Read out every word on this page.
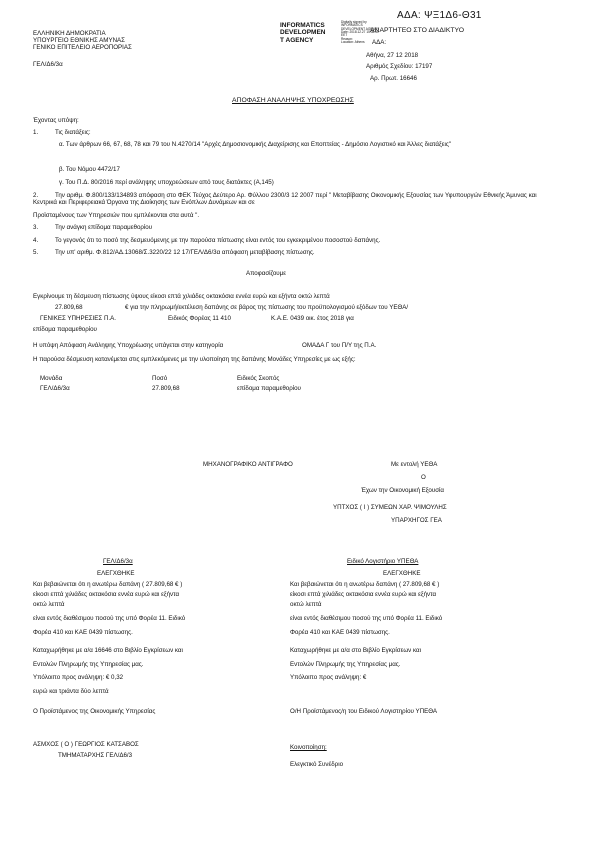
ΑΔΑ: ΨΞ1Δ6-Θ31
ΕΛΛΗΝΙΚΗ ΔΗΜΟΚΡΑΤΙΑ
ΥΠΟΥΡΓΕΙΟ ΕΘΝΙΚΗΣ ΑΜΥΝΑΣ
ΓΕΝΙΚΟ ΕΠΙΤΕΛΕΙΟ ΑΕΡΟΠΟΡΙΑΣ
ΓΕΛ/Δ6/3α
INFORMATICS
DEVELOPMEN
T AGENCY
Digitally signed by
INFORMATICS
DEVELOPMENT AGENCY
Date: 2018.12.27 15:08:51
EET
Reason:
Location: Athens
ΑΝΑΡΤΗΤΕΟ ΣΤΟ ΔΙΑΔΙΚΤΥΟ
ΑΔΑ:
Αθήνα, 27 12 2018
Αριθμός Σχεδίου: 17197
Αρ. Πρωτ. 16646
ΑΠΟΦΑΣΗ ΑΝΑΛΗΨΗΣ ΥΠΟΧΡΕΩΣΗΣ
Έχοντας υπόψη:
1.	Τις διατάξεις:
α. Των άρθρων 66, 67, 68, 78 και 79 του Ν.4270/14 "Αρχές Δημοσιονομικής Διαχείρισης και Εποπτείας - Δημόσιο Λογιστικό και Άλλες διατάξεις"
β. Του Νόμου 4472/17
γ. Του Π.Δ. 80/2016 περί ανάληψης υποχρεώσεων από τους διατάκτες (Α,145)
2.	Την αριθμ. Φ.800/133/134893 απόφαση στο ΦΕΚ Τεύχος Δεύτερο Αρ. Φύλλου 2300/3 12 2007 περί " Μεταβίβασης Οικονομικής Εξουσίας των Υφυπουργών Εθνικής Άμυνας και Κεντρικά και Περιφερειακά Όργανα της Διοίκησης των Ενόπλων Δυνάμεων και σε
Προϊσταμένους των Υπηρεσιών που εμπλέκονται στα αυτά ".
3.	Την ανάγκη επίδομα παραμεθορίου
4.	Το γεγονός ότι το ποσό της δεσμευόμενης με την παρούσα πίστωσης είναι εντός του εγκεκριμένου ποσοστού δαπάνης.
5.	Την υπ' αριθμ. Φ.812/ΑΔ.13068/Σ.3220/22 12 17/ΓΕΛ/Δ6/3α απόφαση μεταβίβασης πίστωσης.
Αποφασίζουμε
Εγκρίνουμε τη δέσμευση πίστωσης ύψους είκοσι επτά χιλιάδες οκτακόσια εννέα ευρώ και εξήντα οκτώ λεπτά
27.809,68	€ για την πληρωμή/εκτέλεση δαπάνης σε βάρος της πίστωσης του προϋπολογισμού εξόδων του ΥΕΘΑ/
ΓΕΝΙΚΕΣ ΥΠΗΡΕΣΙΕΣ Π.Α.	Ειδικός Φορέας 11 410	Κ.Α.Ε. 0439 οικ. έτος 2018 για
επίδομα παραμεθορίου
Η υπόψη Απόφαση Ανάληψης Υποχρέωσης υπάγεται στην κατηγορία	ΟΜΑΔΑ Γ του Π/Υ της Π.Α.
Η παρούσα δέσμευση κατανέμεται στις εμπλεκόμενες με την υλοποίηση της δαπάνης Μονάδες Υπηρεσίες με ως εξής:
Μονάδα	Ποσό	Ειδικός Σκοπός
ΓΕΛ/Δ6/3α	27.809,68	επίδομα παραμεθορίου
ΜΗΧΑΝΟΓΡΑΦΙΚΟ ΑΝΤΙΓΡΑΦΟ	Με εντολή ΥΕΘΑ
Ο
Έχων την Οικονομική Εξουσία
ΥΠΤΧΟΣ ( Ι ) ΣΥΜΕΩΝ ΧΑΡ. ΨΙΜΟΥΛΗΣ
ΥΠΑΡΧΗΓΟΣ ΓΕΑ
ΓΕΛ/Δ6/3α
ΕΛΕΓΧΘΗΚΕ
Και βεβαιώνεται ότι η ανωτέρω δαπάνη ( 27.809,68 € )
είκοσι επτά χιλιάδες οκτακόσια εννέα ευρώ και εξήντα
οκτώ λεπτά
είναι εντός διαθέσιμου ποσού της υπό Φορέα 11. Ειδικό
Φορέα 410 και ΚΑΕ 0439 πίστωσης.
Καταχωρήθηκε με α/α 16646 στο Βιβλίο Εγκρίσεων και
Εντολών Πληρωμής της Υπηρεσίας μας.
Υπόλοιπο προς ανάληψη: € 0,32
ευρώ και τριάντα δύο λεπτά
Ο Προϊστάμενος της Οικονομικής Υπηρεσίας
ΑΣΜΧΟΣ ( Ο ) ΓΕΩΡΓΙΟΣ ΚΑΤΣΑΒΟΣ
ΤΜΗΜΑΤΑΡΧΗΣ ΓΕΛ/Δ6/3
Ειδικό Λογιστήριο ΥΠΕΘΑ
ΕΛΕΓΧΘΗΚΕ
Και βεβαιώνεται ότι η ανωτέρω δαπάνη ( 27.809,68 € )
είκοσι επτά χιλιάδες οκτακόσια εννέα ευρώ και εξήντα
οκτώ λεπτά
είναι εντός διαθέσιμου ποσού της υπό Φορέα 11. Ειδικό
Φορέα 410 και ΚΑΕ 0439 πίστωσης.
Καταχωρήθηκε με α/α στο Βιβλίο Εγκρίσεων και
Εντολών Πληρωμής της Υπηρεσίας μας.
Υπόλοιπο προς ανάληψη: €
Ο/Η Προϊστάμενος/η του Ειδικού Λογιστηρίου ΥΠΕΘΑ
Κοινοποίηση:
Ελεγκτικό Συνέδριο
